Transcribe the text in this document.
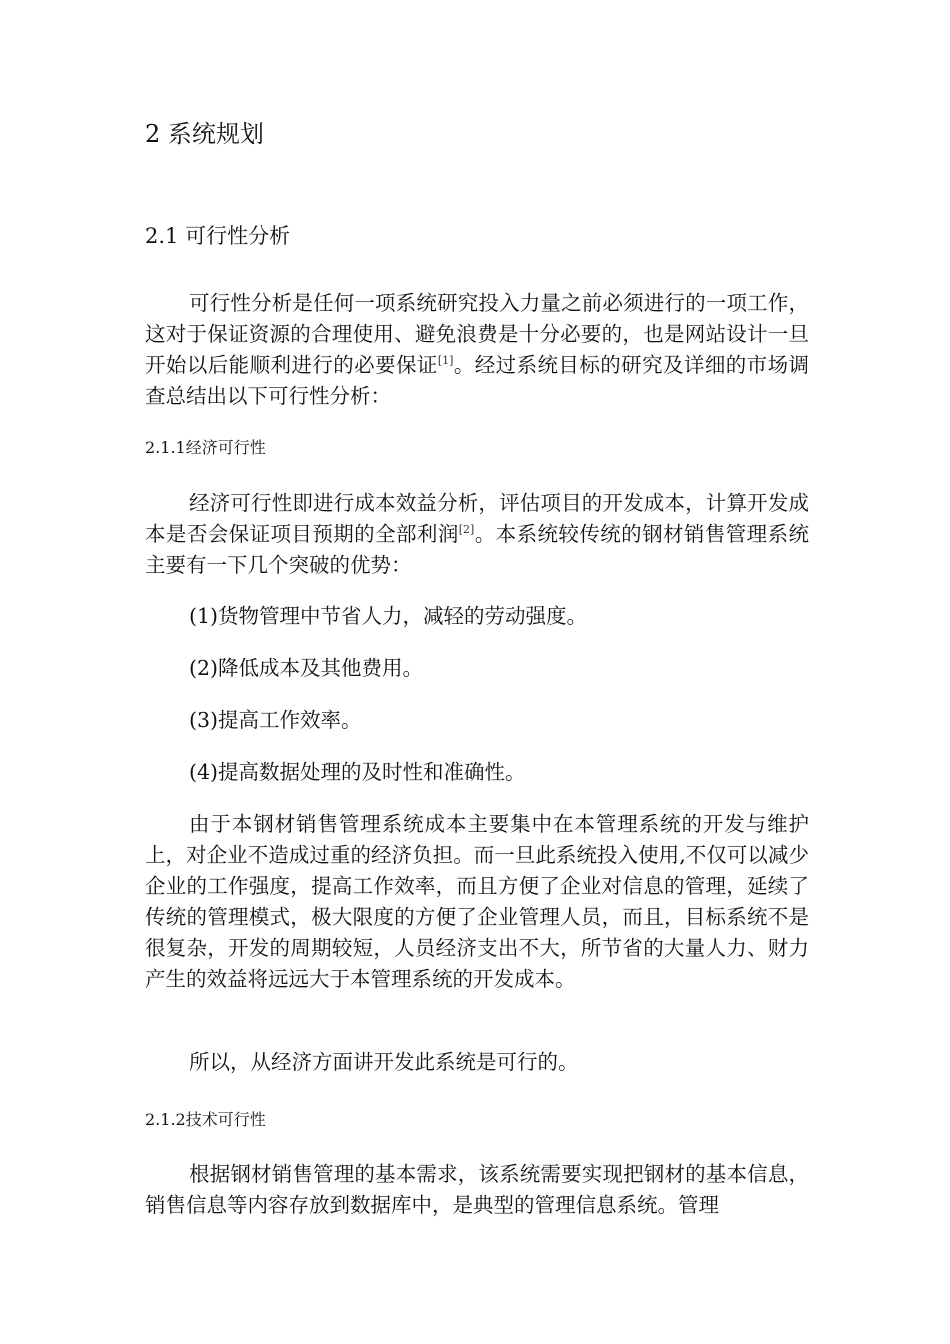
2 系统规划
2.1 可行性分析
可行性分析是任何一项系统研究投入力量之前必须进行的一项工作，这对于保证资源的合理使用、避免浪费是十分必要的，也是网站设计一旦开始以后能顺利进行的必要保证[1]。经过系统目标的研究及详细的市场调查总结出以下可行性分析：
2.1.1经济可行性
经济可行性即进行成本效益分析，评估项目的开发成本，计算开发成本是否会保证项目预期的全部利润[2]。本系统较传统的钢材销售管理系统主要有一下几个突破的优势：
(1)货物管理中节省人力，减轻的劳动强度。
(2)降低成本及其他费用。
(3)提高工作效率。
(4)提高数据处理的及时性和准确性。
由于本钢材销售管理系统成本主要集中在本管理系统的开发与维护上，对企业不造成过重的经济负担。而一旦此系统投入使用,不仅可以减少企业的工作强度，提高工作效率，而且方便了企业对信息的管理，延续了传统的管理模式，极大限度的方便了企业管理人员，而且，目标系统不是很复杂，开发的周期较短，人员经济支出不大，所节省的大量人力、财力产生的效益将远远大于本管理系统的开发成本。
所以，从经济方面讲开发此系统是可行的。
2.1.2技术可行性
根据钢材销售管理的基本需求，该系统需要实现把钢材的基本信息，销售信息等内容存放到数据库中，是典型的管理信息系统。管理
